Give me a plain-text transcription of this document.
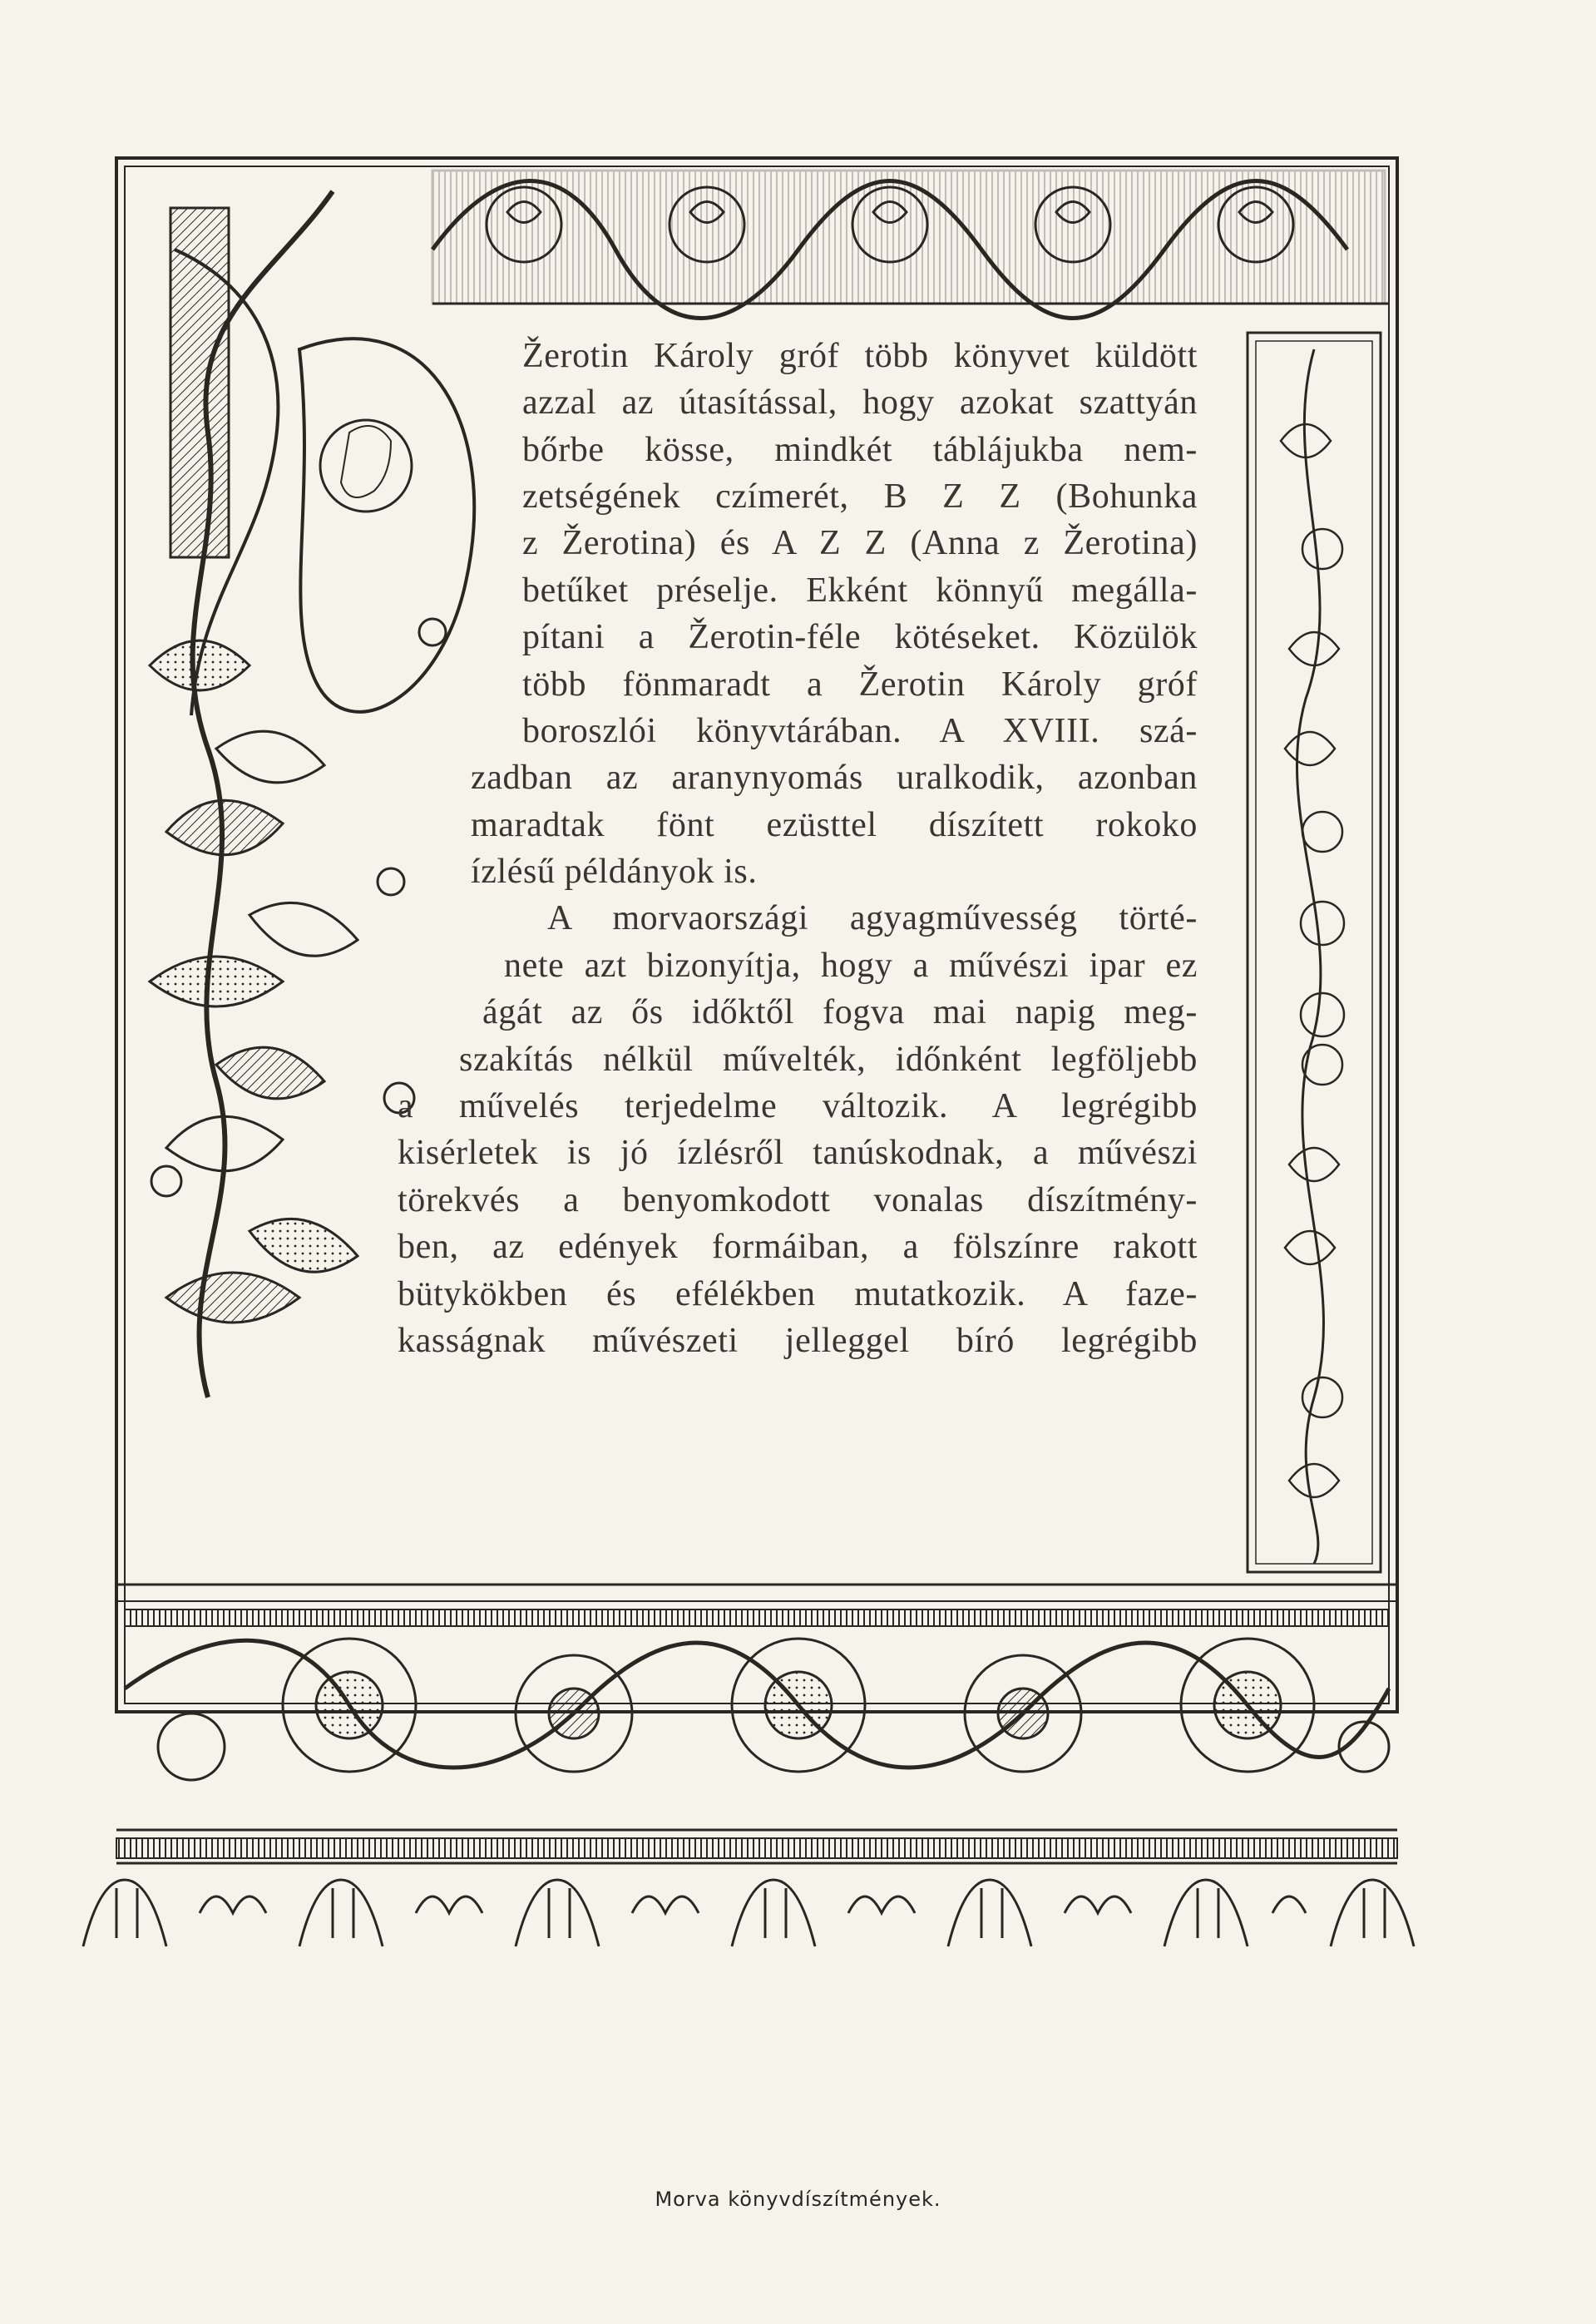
Žerotin Károly gróf több könyvet küldött
azzal az útasítással, hogy azokat szattyán
bőrbe kösse, mindkét táblájukba nem-
zetségének czímerét, B Z Z (Bohunka
z Žerotina) és A Z Z (Anna z Žerotina)
betűket préselje. Ekként könnyű megálla-
pítani a Žerotin-féle kötéseket. Közülök
több fönmaradt a Žerotin Károly gróf
boroszlói könyvtárában. A XVIII. szá-
zadban az aranynyomás uralkodik, azonban
maradtak fönt ezüsttel díszített rokoko
ízlésű példányok is.
A morvaországi agyagművesség törté-
nete azt bizonyítja, hogy a művészi ipar ez
ágát az ős időktől fogva mai napig meg-
szakítás nélkül művelték, időnként legföljebb
a művelés terjedelme változik. A legrégibb
kisérletek is jó ízlésről tanúskodnak, a művészi
törekvés a benyomkodott vonalas díszítmény-
ben, az edények formáiban, a fölszínre rakott
bütykökben és efélékben mutatkozik. A faze-
kasságnak művészeti jelleggel bíró legrégibb
Morva könyvdíszítmények.
